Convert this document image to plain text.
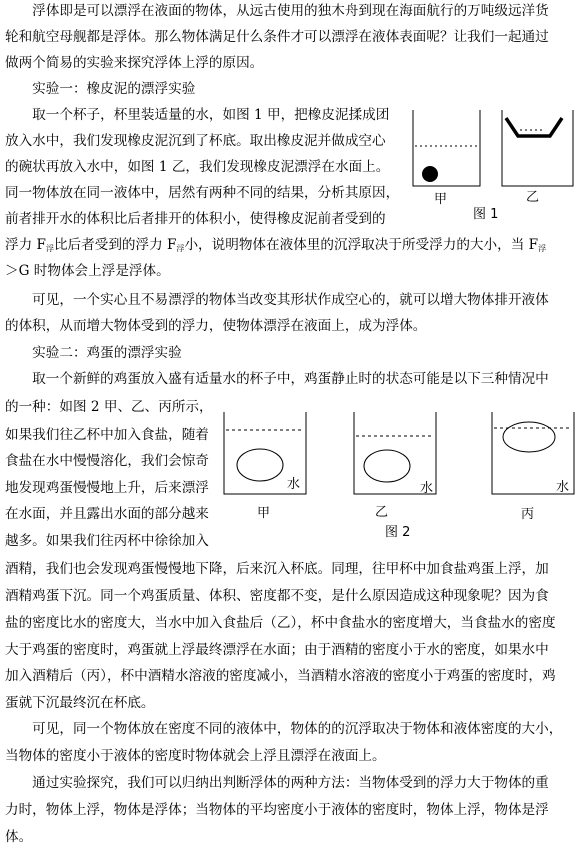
　　浮体即是可以漂浮在液面的物体，从远古使用的独木舟到现在海面航行的万吨级远洋货
轮和航空母舰都是浮体。那么物体满足什么条件才可以漂浮在液体表面呢？让我们一起通过
做两个简易的实验来探究浮体上浮的原因。
　　实验一：橡皮泥的漂浮实验
　　取一个杯子，杯里装适量的水，如图 1 甲，把橡皮泥揉成团
放入水中，我们发现橡皮泥沉到了杯底。取出橡皮泥并做成空心
的碗状再放入水中，如图 1 乙，我们发现橡皮泥漂浮在水面上。
同一物体放在同一液体中，居然有两种不同的结果，分析其原因，
前者排开水的体积比后者排开的体积小，使得橡皮泥前者受到的
浮力 $F_浮$比后者受到的浮力 $F_浮$小，说明物体在液体里的沉浮取决于所受浮力的大小，当 $F_浮$
＞G 时物体会上浮是浮体。
　　可见，一个实心且不易漂浮的物体当改变其形状作成空心的，就可以增大物体排开液体
的体积，从而增大物体受到的浮力，使物体漂浮在液面上，成为浮体。
　　实验二：鸡蛋的漂浮实验
　　取一个新鲜的鸡蛋放入盛有适量水的杯子中，鸡蛋静止时的状态可能是以下三种情况中
的一种：如图 2 甲、乙、丙所示，
如果我们往乙杯中加入食盐，随着
食盐在水中慢慢溶化，我们会惊奇
地发现鸡蛋慢慢地上升，后来漂浮
在水面，并且露出水面的部分越来
越多。如果我们往丙杯中徐徐加入
酒精，我们也会发现鸡蛋慢慢地下降，后来沉入杯底。同理，往甲杯中加食盐鸡蛋上浮，加
酒精鸡蛋下沉。同一个鸡蛋质量、体积、密度都不变，是什么原因造成这种现象呢？因为食
盐的密度比水的密度大，当水中加入食盐后（乙），杯中食盐水的密度增大，当食盐水的密度
大于鸡蛋的密度时，鸡蛋就上浮最终漂浮在水面；由于酒精的密度小于水的密度，如果水中
加入酒精后（丙），杯中酒精水溶液的密度减小，当酒精水溶液的密度小于鸡蛋的密度时，鸡
蛋就下沉最终沉在杯底。
　　可见，同一个物体放在密度不同的液体中，物体的的沉浮取决于物体和液体密度的大小，
当物体的密度小于液体的密度时物体就会上浮且漂浮在液面上。
　　通过实验探究，我们可以归纳出判断浮体的两种方法：当物体受到的浮力大于物体的重
力时，物体上浮，物体是浮体；当物体的平均密度小于液体的密度时，物体上浮，物体是浮
体。
甲	乙
图 1
水	水	水
甲	乙	丙
图 2
